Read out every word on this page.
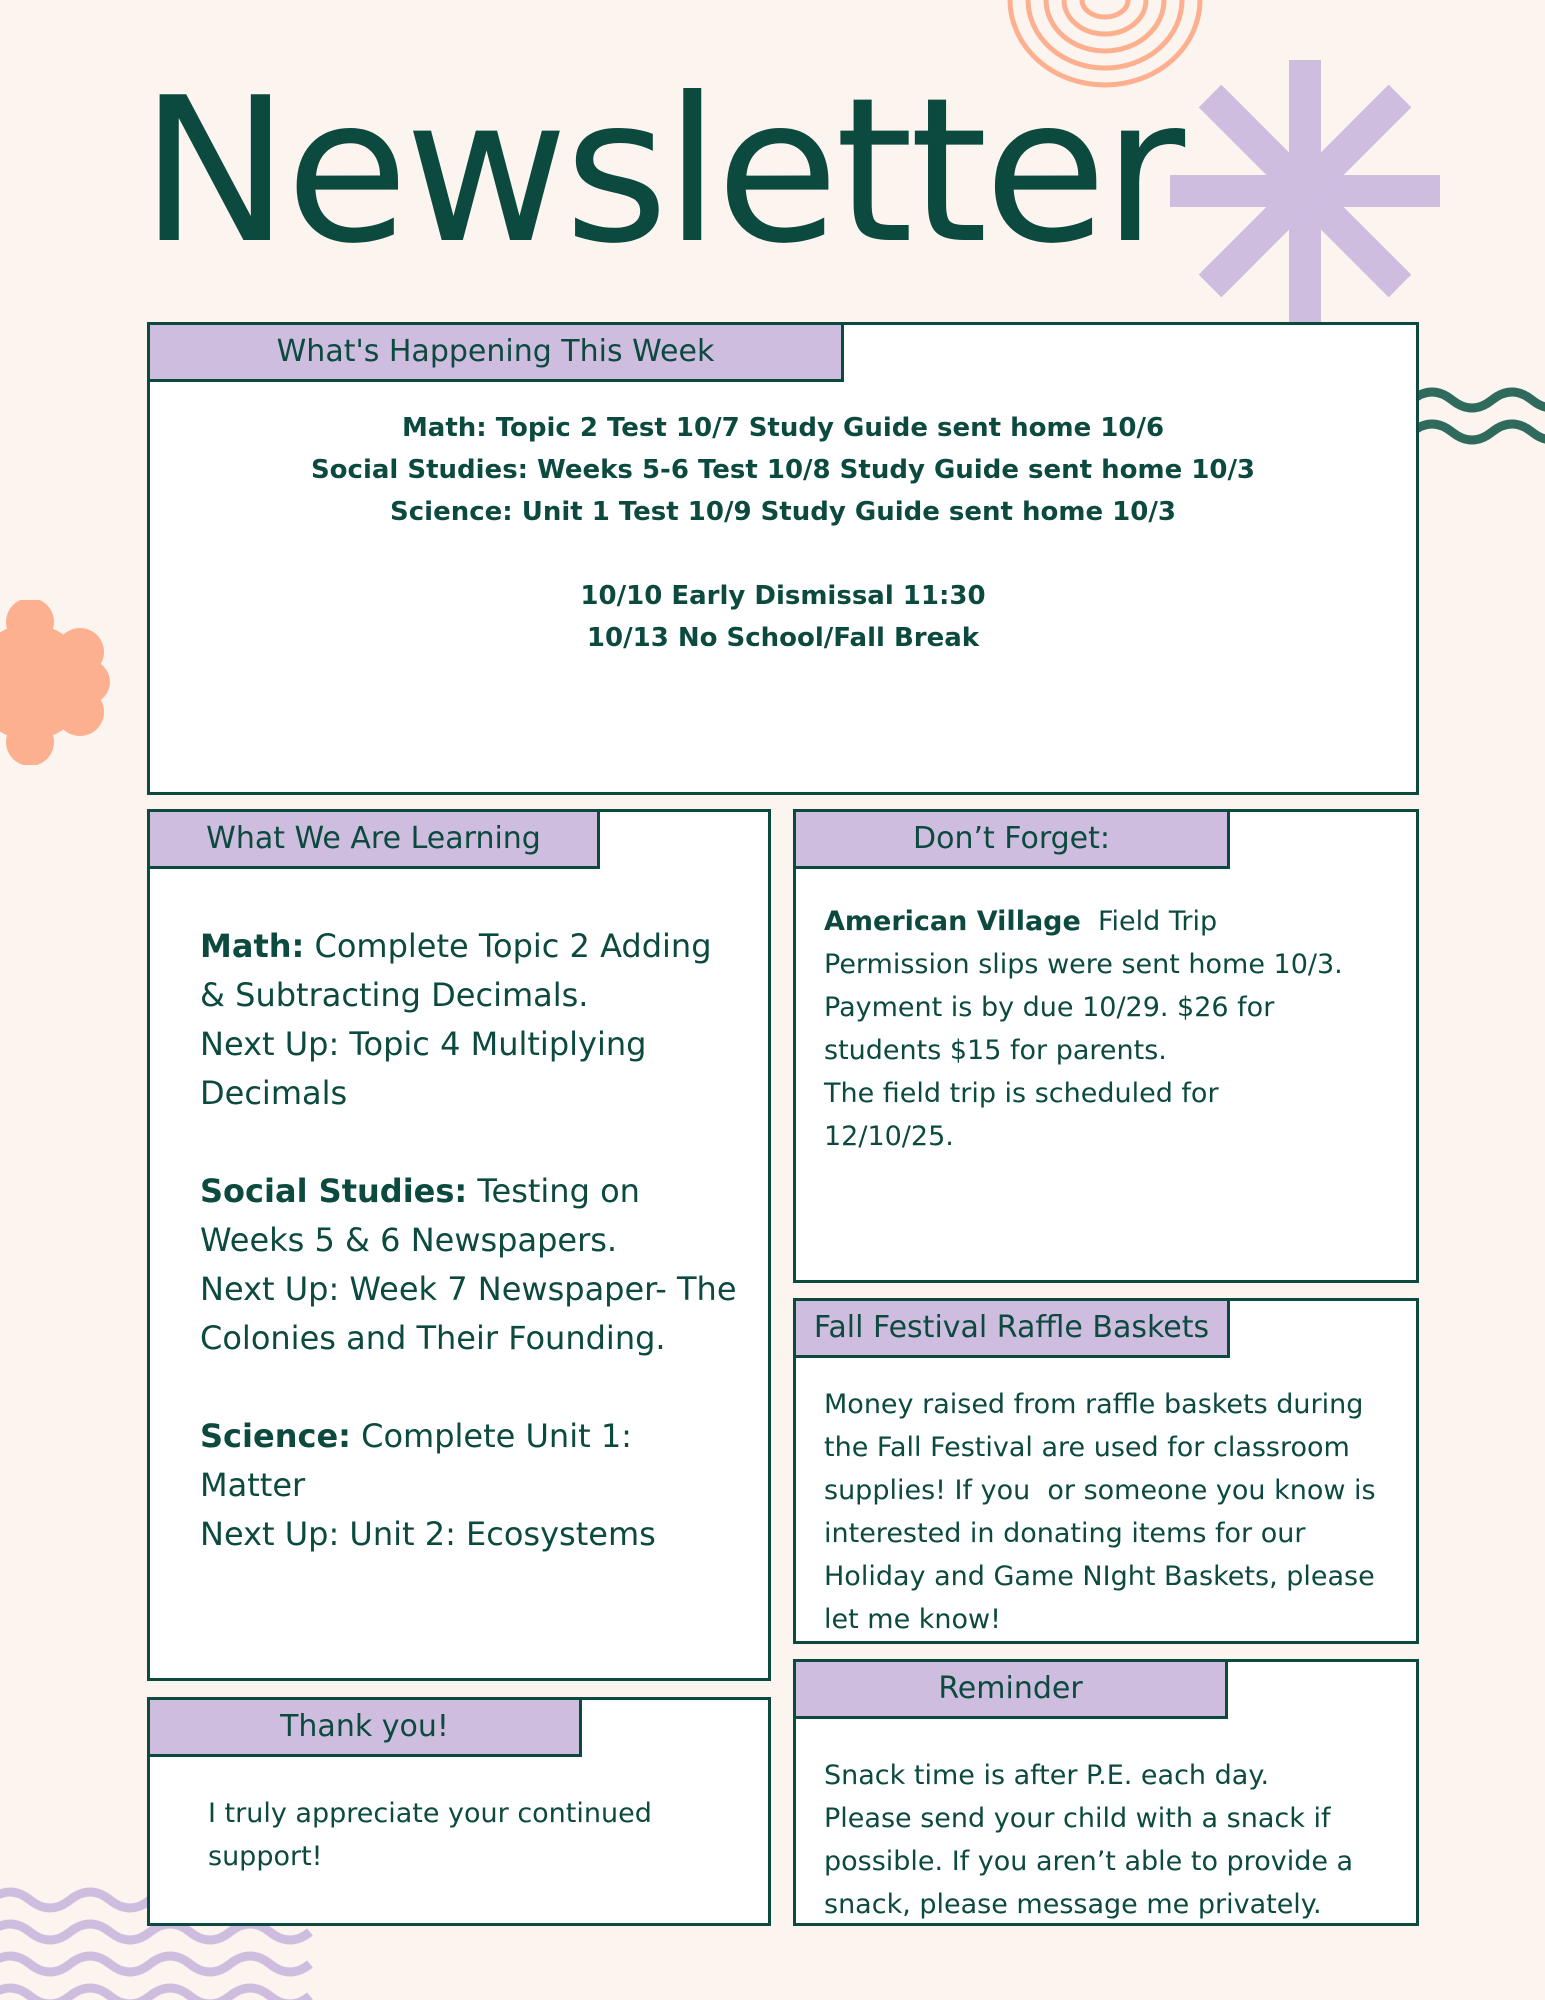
Newsletter
What's Happening This Week
Math: Topic 2 Test 10/7 Study Guide sent home 10/6
Social Studies: Weeks 5-6 Test 10/8 Study Guide sent home 10/3
Science: Unit 1 Test 10/9 Study Guide sent home 10/3
10/10 Early Dismissal 11:30
10/13 No School/Fall Break
What We Are Learning
Math: Complete Topic 2 Adding & Subtracting Decimals.
Next Up: Topic 4 Multiplying Decimals
Social Studies: Testing on Weeks 5 & 6 Newspapers.
Next Up: Week 7 Newspaper- The Colonies and Their Founding.
Science: Complete Unit 1: Matter
Next Up: Unit 2: Ecosystems
Don’t Forget:
American Village  Field Trip
Permission slips were sent home 10/3.
Payment is by due 10/29. $26 for
students $15 for parents.
The field trip is scheduled for
12/10/25.
Fall Festival Raffle Baskets
Money raised from raffle baskets during
the Fall Festival are used for classroom
supplies! If you  or someone you know is
interested in donating items for our
Holiday and Game NIght Baskets, please
let me know!
Thank you!
I truly appreciate your continued
support!
Reminder
Snack time is after P.E. each day.
Please send your child with a snack if
possible. If you aren’t able to provide a
snack, please message me privately.
